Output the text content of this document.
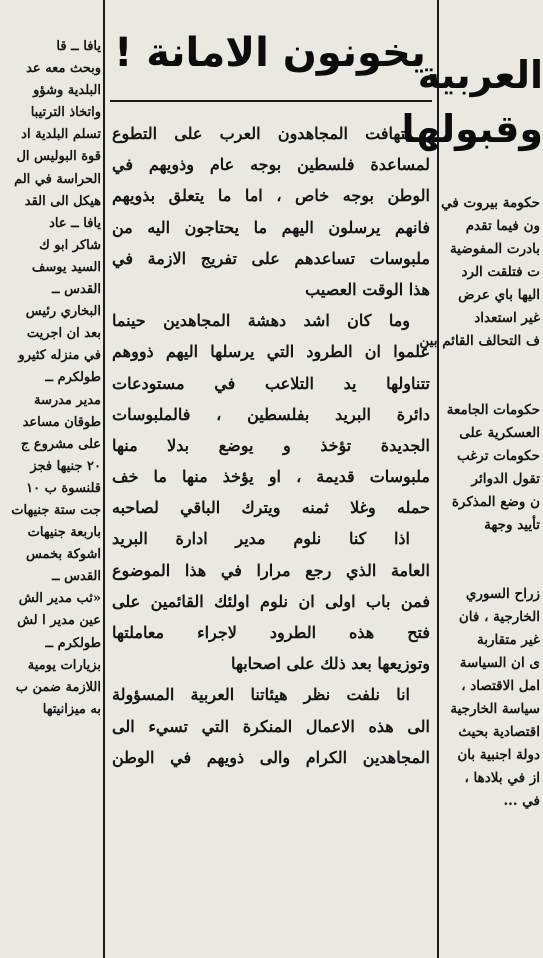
يافا ــ قا
وبحث معه عد
البلدية وشؤو
واتخاذ الترتيبا
تسلم البلدية اد
قوة البوليس ال
الحراسة في الم
هيكل الى القد
يافا ــ عاد
شاكر ابو ك
السيد يوسف
القدس ــ
البخاري رئيس
بعد ان اجريت
في منزله كثيرو
طولكرم ــ
مدير مدرسة
طوقان مساعد
على مشروع ج
٢٠ جنيها فجز
قلنسوة ب ١٠
جت ستة جنيهات
باربعة جنيهات
اشوكة بخمس
القدس ــ
«ثب مدير الش
عين مدير ا لش
طولكرم ــ
بزيارات يومية
اللازمة ضمن ب
به ميزانيتها
يخونون الامانة !
يتهافت المجاهدون العرب على التطوع
لمساعدة فلسطين بوجه عام وذويهم في
الوطن بوجه خاص ، اما ما يتعلق بذويهم
فانهم يرسلون اليهم ما يحتاجون اليه من
ملبوسات تساعدهم على تفريج الازمة في
هذا الوقت العصيب
وما كان اشد دهشة المجاهدين حينما
علموا ان الطرود التي يرسلها اليهم ذووهم
تتناولها يد التلاعب في مستودعات
دائرة البريد بفلسطين ، فالملبوسات
الجديدة تؤخذ و يوضع بدلا منها
ملبوسات قديمة ، او يؤخذ منها ما خف
حمله وغلا ثمنه ويترك الباقي لصاحبه
اذا كنا نلوم مدير ادارة البريد
العامة الذي رجع مرارا في هذا الموضوع
فمن باب اولى ان نلوم اولئك القائمين على
فتح هذه الطرود لاجراء معاملتها
وتوزيعها بعد ذلك على اصحابها
انا نلفت نظر هيئاتنا العربية المسؤولة
الى هذه الاعمال المنكرة التي تسيء الى
المجاهدين الكرام والى ذويهم في الوطن
العربية
وقبولها
حكومة بيروت في
ون فيما تقدم
بادرت المفوضية
ت فتلقت الرد
اليها باي عرض
غير استعداد
ف التحالف القائم بين
حكومات الجامعة
العسكرية على
حكومات ترغب
تقول الدوائر
ن وضع المذكرة
تأييد وجهة
زراح السوري
الخارجية ، فان
غير متقاربة
ى ان السياسة
امل الاقتصاد ،
سياسة الخارجية
اقتصادية بحيث
دولة اجنبية بان
از في بلادها ،
في ...
